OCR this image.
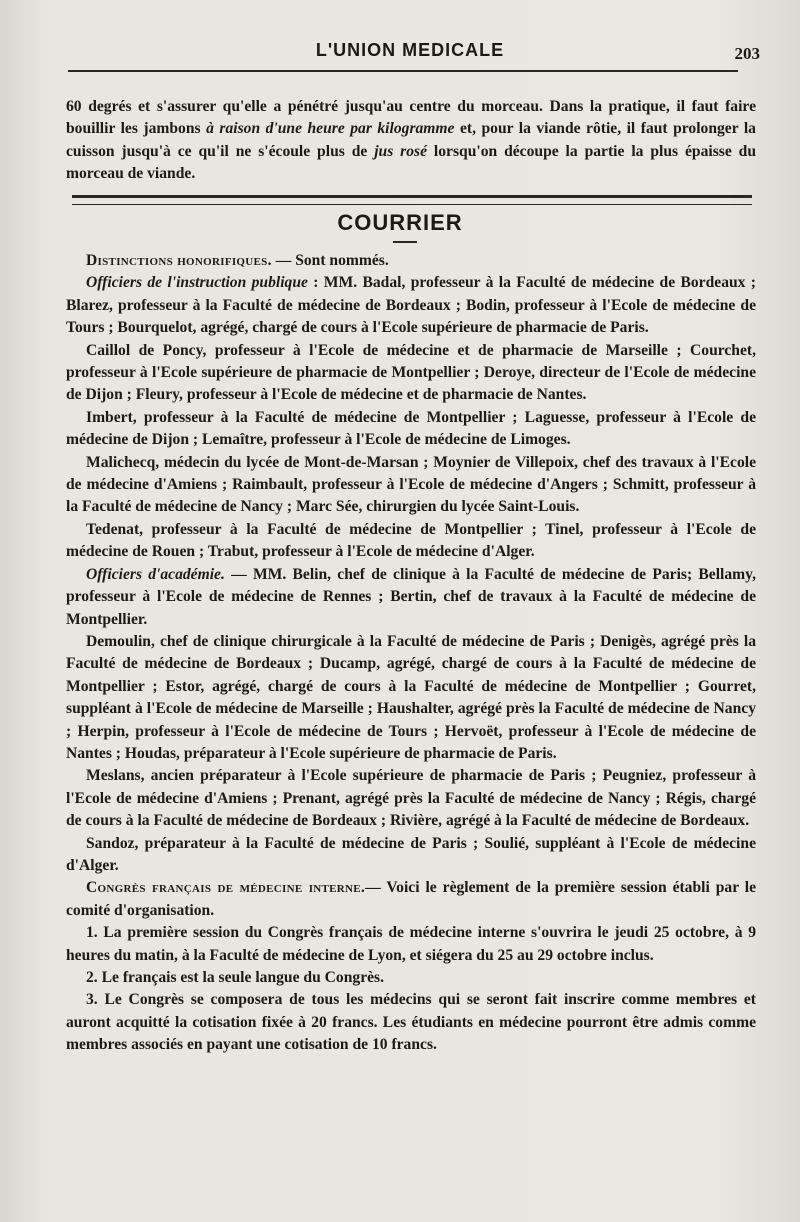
L'UNION MEDICALE	203

60 degrés et s'assurer qu'elle a pénétré jusqu'au centre du morceau. Dans la pratique, il faut faire bouillir les jambons à raison d'une heure par kilogramme et, pour la viande rôtie, il faut prolonger la cuisson jusqu'à ce qu'il ne s'écoule plus de jus rosé lorsqu'on découpe la partie la plus épaisse du morceau de viande.

COURRIER

Distinctions honorifiques. — Sont nommés.

Officiers de l'instruction publique : MM. Badal, professeur à la Faculté de médecine de Bordeaux ; Blarez, professeur à la Faculté de médecine de Bordeaux ; Bodin, professeur à l'Ecole de médecine de Tours ; Bourquelot, agrégé, chargé de cours à l'Ecole supérieure de pharmacie de Paris.

Caillol de Poncy, professeur à l'Ecole de médecine et de pharmacie de Marseille ; Courchet, professeur à l'Ecole supérieure de pharmacie de Montpellier ; Deroye, directeur de l'Ecole de médecine de Dijon ; Fleury, professeur à l'Ecole de médecine et de pharmacie de Nantes.

Imbert, professeur à la Faculté de médecine de Montpellier ; Laguesse, professeur à l'Ecole de médecine de Dijon ; Lemaître, professeur à l'Ecole de médecine de Limoges.

Malichecq, médecin du lycée de Mont-de-Marsan ; Moynier de Villepoix, chef des travaux à l'Ecole de médecine d'Amiens ; Raimbault, professeur à l'Ecole de médecine d'Angers ; Schmitt, professeur à la Faculté de médecine de Nancy ; Marc Sée, chirurgien du lycée Saint-Louis.

Tedenat, professeur à la Faculté de médecine de Montpellier ; Tinel, professeur à l'Ecole de médecine de Rouen ; Trabut, professeur à l'Ecole de médecine d'Alger.

Officiers d'académie. — MM. Belin, chef de clinique à la Faculté de médecine de Paris; Bellamy, professeur à l'Ecole de médecine de Rennes ; Bertin, chef de travaux à la Faculté de médecine de Montpellier.

Demoulin, chef de clinique chirurgicale à la Faculté de médecine de Paris ; Denigès, agrégé près la Faculté de médecine de Bordeaux ; Ducamp, agrégé, chargé de cours à la Faculté de médecine de Montpellier ; Estor, agrégé, chargé de cours à la Faculté de médecine de Montpellier ; Gourret, suppléant à l'Ecole de médecine de Marseille ; Haushalter, agrégé près la Faculté de médecine de Nancy ; Herpin, professeur à l'Ecole de médecine de Tours ; Hervoët, professeur à l'Ecole de médecine de Nantes ; Houdas, préparateur à l'Ecole supérieure de pharmacie de Paris.

Meslans, ancien préparateur à l'Ecole supérieure de pharmacie de Paris ; Peugniez, professeur à l'Ecole de médecine d'Amiens ; Prenant, agrégé près la Faculté de médecine de Nancy ; Régis, chargé de cours à la Faculté de médecine de Bordeaux ; Rivière, agrégé à la Faculté de médecine de Bordeaux.

Sandoz, préparateur à la Faculté de médecine de Paris ; Soulié, suppléant à l'Ecole de médecine d'Alger.

Congrès français de médecine interne.— Voici le règlement de la première session établi par le comité d'organisation.

1. La première session du Congrès français de médecine interne s'ouvrira le jeudi 25 octobre, à 9 heures du matin, à la Faculté de médecine de Lyon, et siégera du 25 au 29 octobre inclus.

2. Le français est la seule langue du Congrès.

3. Le Congrès se composera de tous les médecins qui se seront fait inscrire comme membres et auront acquitté la cotisation fixée à 20 francs. Les étudiants en médecine pourront être admis comme membres associés en payant une cotisation de 10 francs.
